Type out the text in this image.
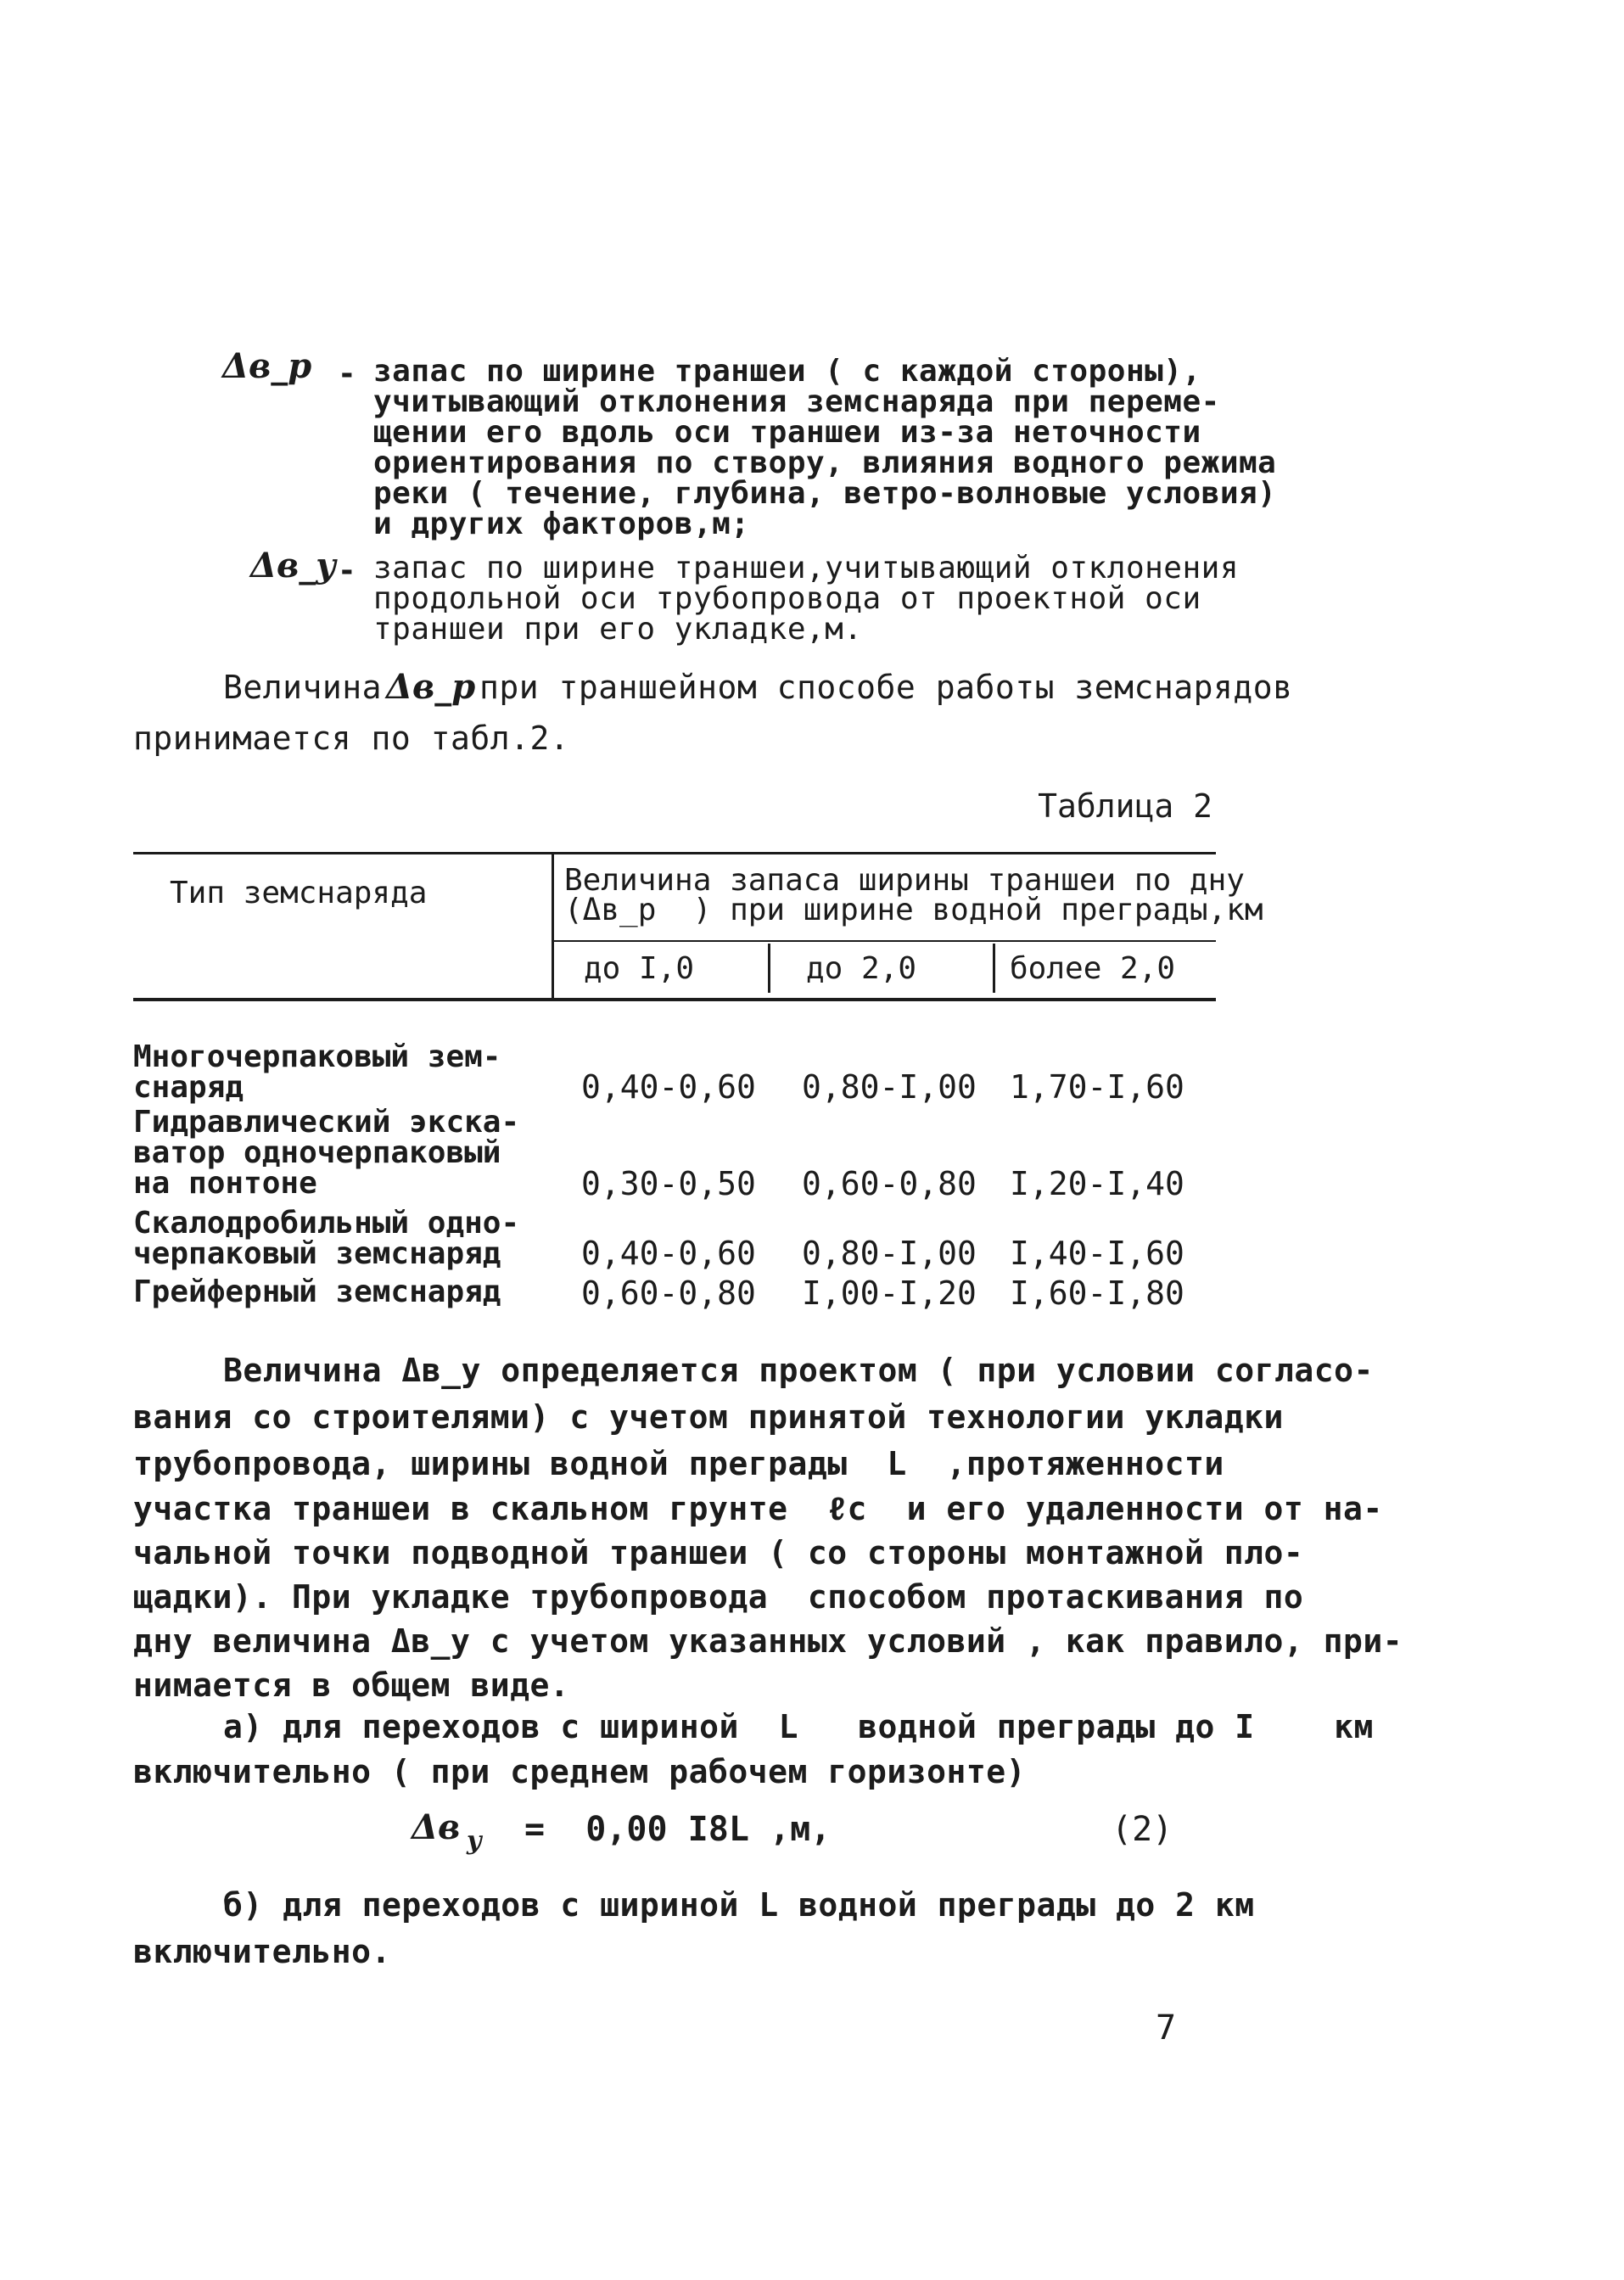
Δв_р - запас по ширине траншеи ( с каждой стороны),
учитывающий отклонения земснаряда при переме-
щении его вдоль оси траншеи из-за неточности
ориентирования по створу, влияния водного режима
реки ( течение, глубина, ветро-волновые условия)
и других факторов,м;
Δв_у - запас по ширине траншеи,учитывающий отклонения
продольной оси трубопровода от проектной оси
траншеи при его укладке,м.
Величина Δв_р при траншейном способе работы земснарядов
принимается по табл.2.
Таблица 2
Тип земснаряда	Величина запаса ширины траншеи по дну
(Δв_р  ) при ширине водной преграды,км
до I,0	до 2,0	более 2,0
Многочерпаковый зем-
снаряд	0,40-0,60 0,80-I,00 1,70-I,60
Гидравлический экска-
ватор одночерпаковый
на понтоне	0,30-0,50 0,60-0,80 I,20-I,40
Скалодробильный одно-
черпаковый земснаряд	0,40-0,60 0,80-I,00 I,40-I,60
Грейферный земснаряд	0,60-0,80 I,00-I,20 I,60-I,80
Величина Δв_у определяется проектом ( при условии согласо-
вания со строителями) с учетом принятой технологии укладки
трубопровода, ширины водной преграды  L  ,протяженности
участка траншеи в скальном грунте  ℓс  и его удаленности от на-
чальной точки подводной траншеи ( со стороны монтажной пло-
щадки). При укладке трубопровода  способом протаскивания по
дну величина Δв_у с учетом указанных условий , как правило, при-
нимается в общем виде.
а) для переходов с шириной  L   водной преграды до I    км
включительно ( при среднем рабочем горизонте)
Δв у =  0,00 I8L ,м,	(2)
б) для переходов с шириной L водной преграды до 2 км
включительно.
7
